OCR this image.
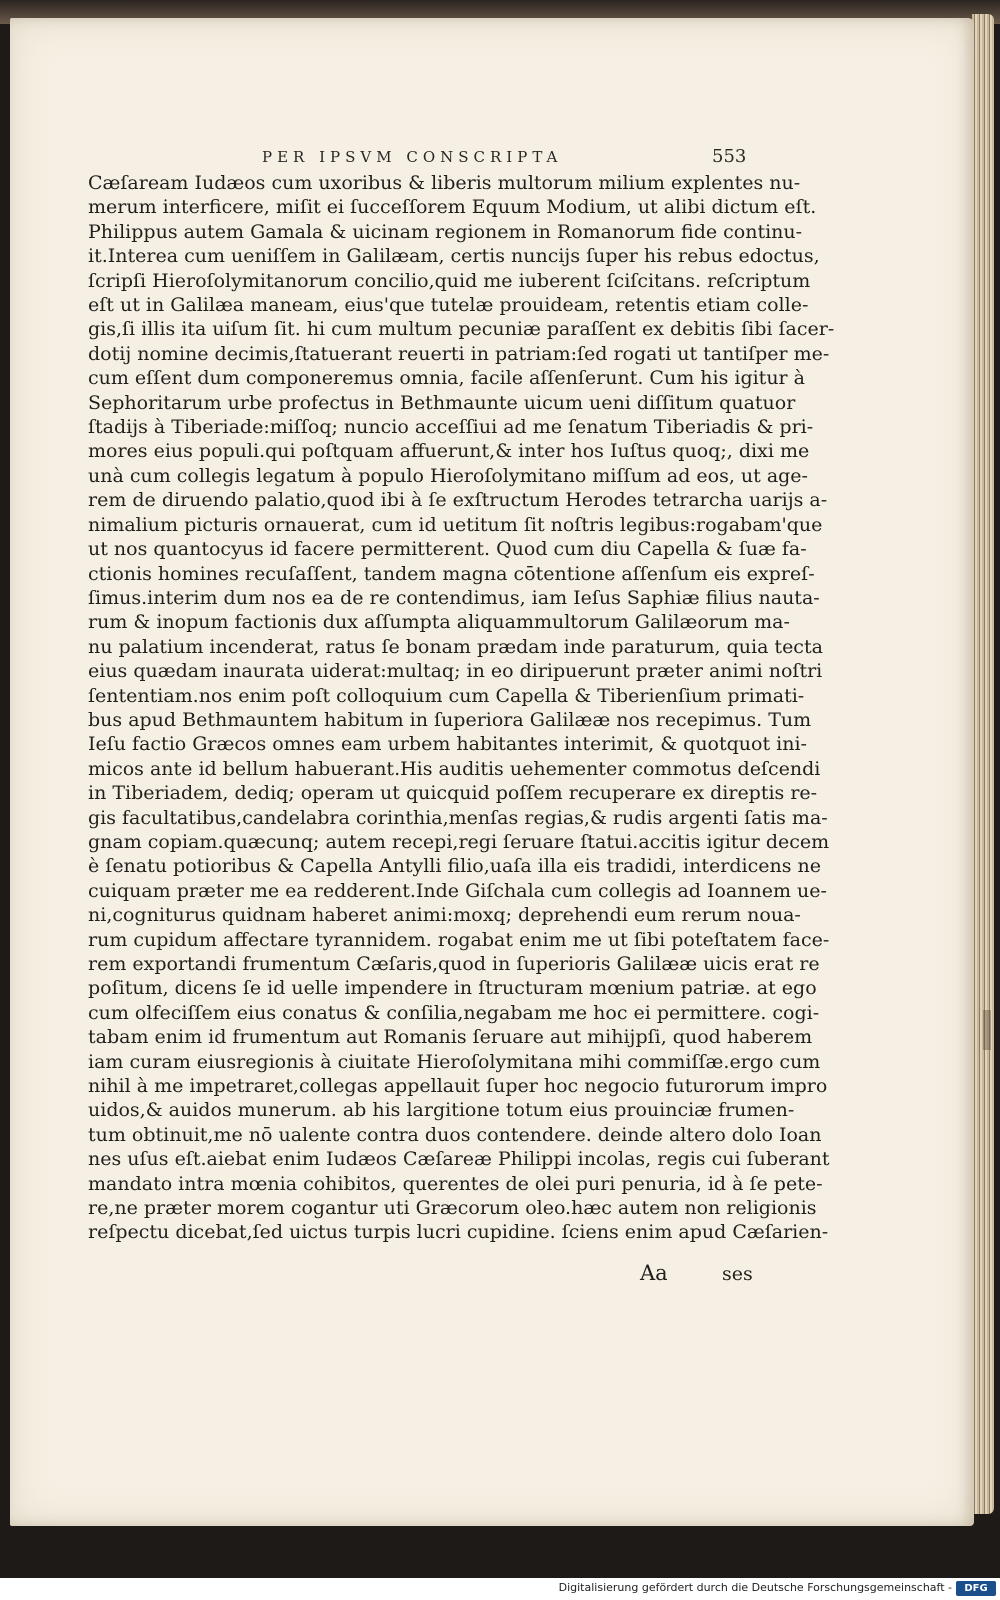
PER IPSVM CONSCRIPTA	553
Cæſaream Iudæos cum uxoribus & liberis multorum milium explentes nu-
merum interficere, miſit ei ſucceſſorem Equum Modium, ut alibi dictum eſt.
Philippus autem Gamala & uicinam regionem in Romanorum fide continu-
it.Interea cum ueniſſem in Galilæam, certis nuncijs ſuper his rebus edoctus,
ſcripſi Hieroſolymitanorum concilio,quid me iuberent ſciſcitans. reſcriptum
eſt ut in Galilæa maneam, eius'que tutelæ prouideam, retentis etiam colle-
gis,ſi illis ita uiſum ſit. hi cum multum pecuniæ paraſſent ex debitis ſibi ſacer-
dotij nomine decimis,ſtatuerant reuerti in patriam:ſed rogati ut tantiſper me-
cum eſſent dum componeremus omnia, facile aſſenſerunt. Cum his igitur à
Sephoritarum urbe profectus in Bethmaunte uicum ueni diſſitum quatuor
ſtadijs à Tiberiade:miſſoq; nuncio acceſſiui ad me ſenatum Tiberiadis & pri-
mores eius populi.qui poſtquam affuerunt,& inter hos Iuſtus quoq;, dixi me
unà cum collegis legatum à populo Hieroſolymitano miſſum ad eos, ut age-
rem de diruendo palatio,quod ibi à ſe exſtructum Herodes tetrarcha uarijs a-
nimalium picturis ornauerat, cum id uetitum ſit noſtris legibus:rogabam'que
ut nos quantocyus id facere permitterent. Quod cum diu Capella & ſuæ fa-
ctionis homines recuſaſſent, tandem magna cōtentione aſſenſum eis expreſ-
ſimus.interim dum nos ea de re contendimus, iam Ieſus Saphiæ filius nauta-
rum & inopum factionis dux aſſumpta aliquammultorum Galilæorum ma-
nu palatium incenderat, ratus ſe bonam prædam inde paraturum, quia tecta
eius quædam inaurata uiderat:multaq; in eo diripuerunt præter animi noſtri
ſententiam.nos enim poſt colloquium cum Capella & Tiberienſium primati-
bus apud Bethmauntem habitum in ſuperiora Galilææ nos recepimus. Tum
Ieſu factio Græcos omnes eam urbem habitantes interimit, & quotquot ini-
micos ante id bellum habuerant.His auditis uehementer commotus deſcendi
in Tiberiadem, dediq; operam ut quicquid poſſem recuperare ex direptis re-
gis facultatibus,candelabra corinthia,menſas regias,& rudis argenti ſatis ma-
gnam copiam.quæcunq; autem recepi,regi ſeruare ſtatui.accitis igitur decem
è ſenatu potioribus & Capella Antylli filio,uaſa illa eis tradidi, interdicens ne
cuiquam præter me ea redderent.Inde Giſchala cum collegis ad Ioannem ue-
ni,cogniturus quidnam haberet animi:moxq; deprehendi eum rerum noua-
rum cupidum affectare tyrannidem. rogabat enim me ut ſibi poteſtatem face-
rem exportandi frumentum Cæſaris,quod in ſuperioris Galilææ uicis erat re
poſitum, dicens ſe id uelle impendere in ſtructuram mœnium patriæ. at ego
cum olfeciſſem eius conatus & conſilia,negabam me hoc ei permittere. cogi-
tabam enim id frumentum aut Romanis ſeruare aut mihijpſi, quod haberem
iam curam eiusregionis à ciuitate Hieroſolymitana mihi commiſſæ.ergo cum
nihil à me impetraret,collegas appellauit ſuper hoc negocio futurorum impro
uidos,& auidos munerum. ab his largitione totum eius prouinciæ frumen-
tum obtinuit,me nō ualente contra duos contendere. deinde altero dolo Ioan
nes uſus eſt.aiebat enim Iudæos Cæſareæ Philippi incolas, regis cui ſuberant
mandato intra mœnia cohibitos, querentes de olei puri penuria, id à ſe pete-
re,ne præter morem cogantur uti Græcorum oleo.hæc autem non religionis
reſpectu dicebat,ſed uictus turpis lucri cupidine. ſciens enim apud Cæſarien-
Aa	ses
Digitalisierung gefördert durch die Deutsche Forschungsgemeinschaft -	DFG
